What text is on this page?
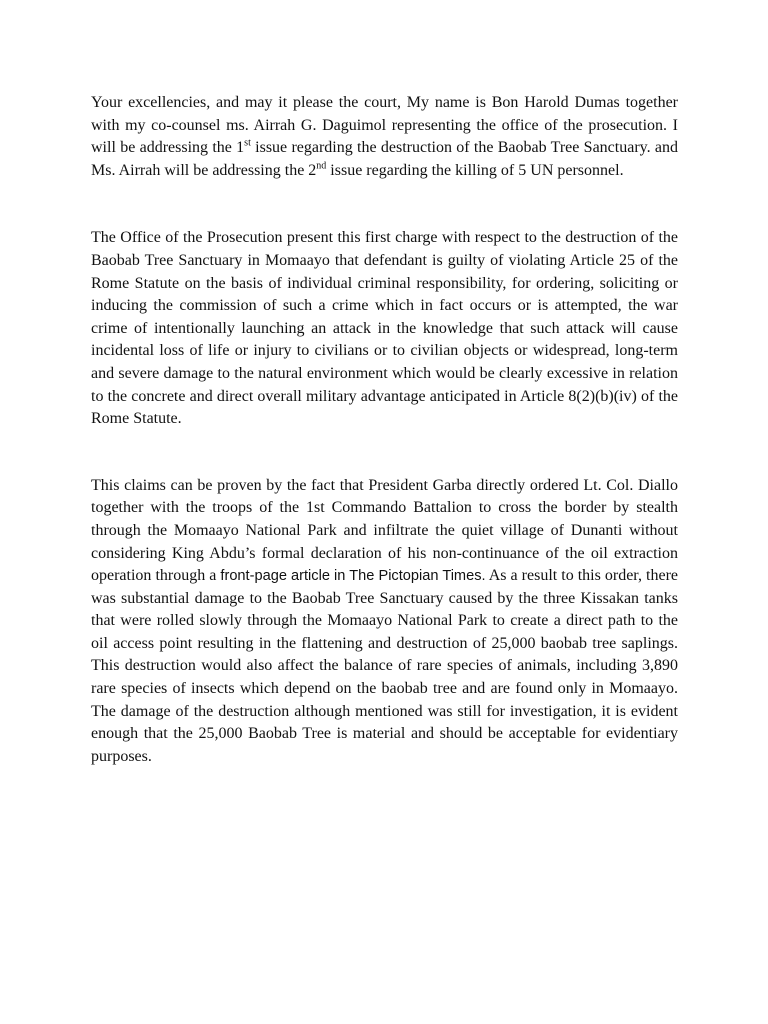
Your excellencies, and may it please the court, My name is Bon Harold Dumas together with my co-counsel ms. Airrah G. Daguimol representing the office of the prosecution. I will be addressing the 1st issue regarding the destruction of the Baobab Tree Sanctuary. and Ms. Airrah will be addressing the 2nd issue regarding the killing of 5 UN personnel.

The Office of the Prosecution present this first charge with respect to the destruction of the Baobab Tree Sanctuary in Momaayo that defendant is guilty of violating Article 25 of the Rome Statute on the basis of individual criminal responsibility, for ordering, soliciting or inducing the commission of such a crime which in fact occurs or is attempted, the war crime of intentionally launching an attack in the knowledge that such attack will cause incidental loss of life or injury to civilians or to civilian objects or widespread, long-term and severe damage to the natural environment which would be clearly excessive in relation to the concrete and direct overall military advantage anticipated in Article 8(2)(b)(iv) of the Rome Statute.

This claims can be proven by the fact that President Garba directly ordered Lt. Col. Diallo together with the troops of the 1st Commando Battalion to cross the border by stealth through the Momaayo National Park and infiltrate the quiet village of Dunanti without considering King Abdu’s formal declaration of his non-continuance of the oil extraction operation through a front-page article in The Pictopian Times. As a result to this order, there was substantial damage to the Baobab Tree Sanctuary caused by the three Kissakan tanks that were rolled slowly through the Momaayo National Park to create a direct path to the oil access point resulting in the flattening and destruction of 25,000 baobab tree saplings. This destruction would also affect the balance of rare species of animals, including 3,890 rare species of insects which depend on the baobab tree and are found only in Momaayo. The damage of the destruction although mentioned was still for investigation, it is evident enough that the 25,000 Baobab Tree is material and should be acceptable for evidentiary purposes.
